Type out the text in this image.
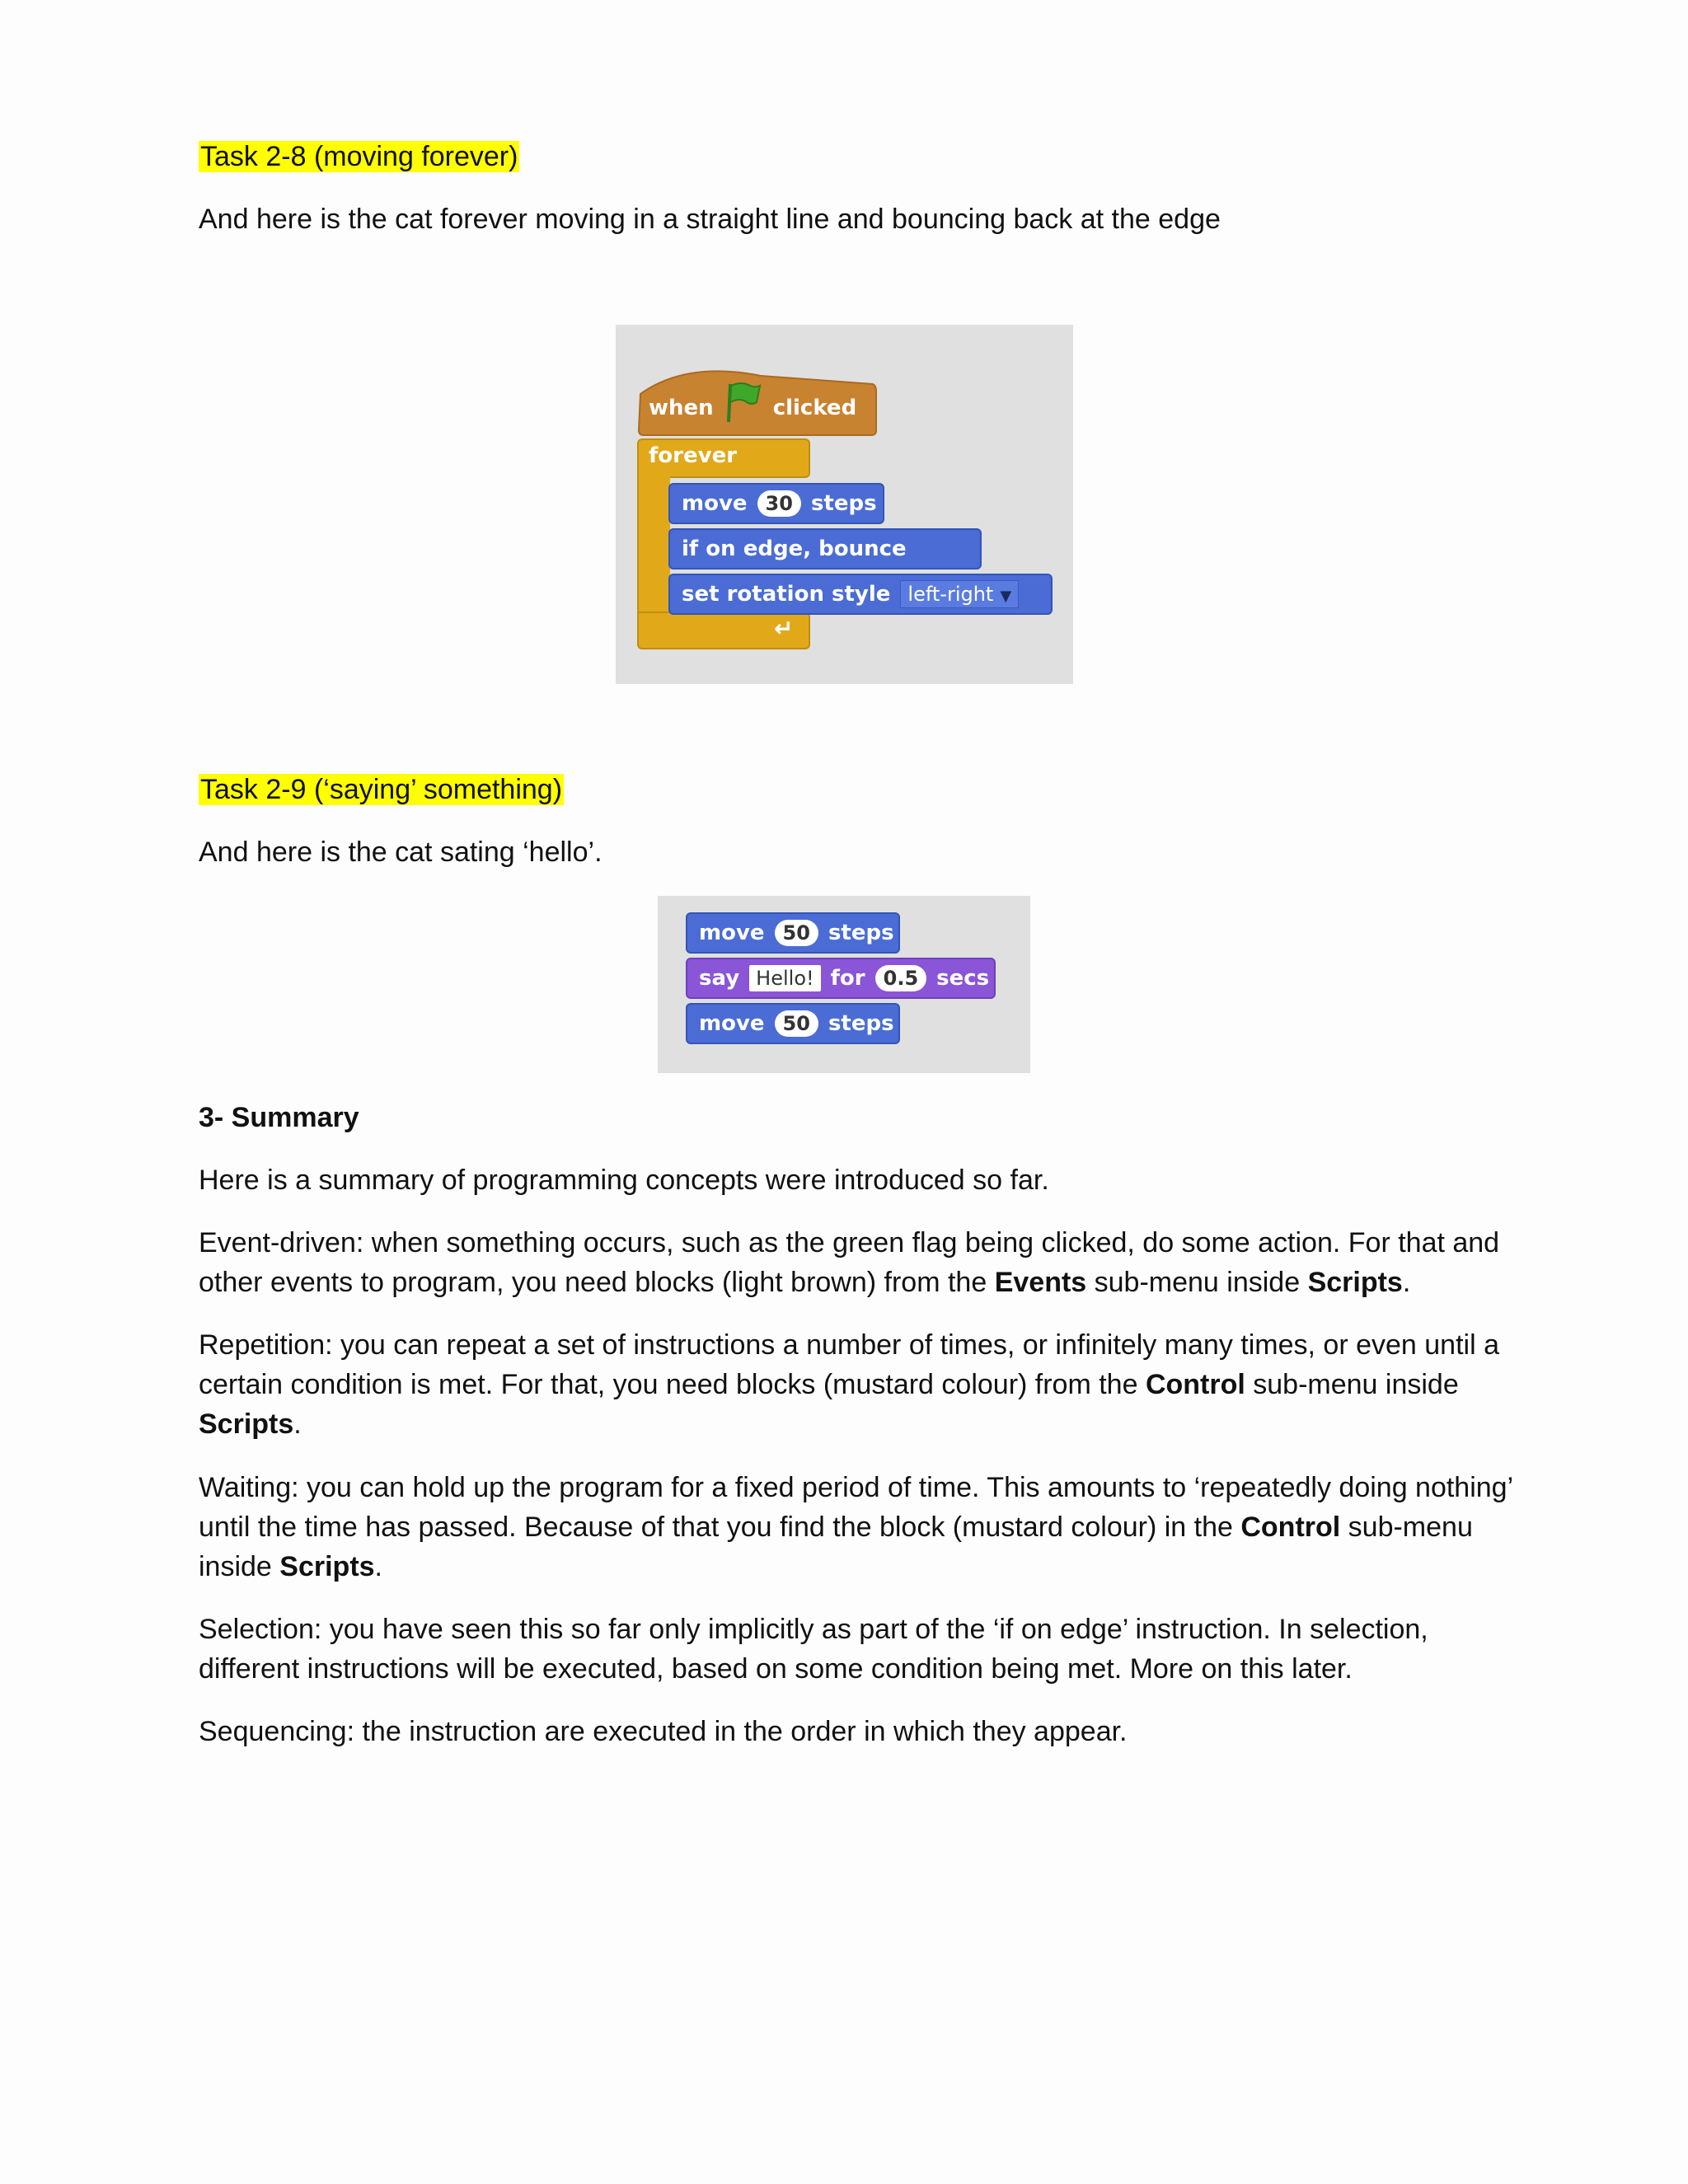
Task 2-8 (moving forever)

And here is the cat forever moving in a straight line and bouncing back at the edge

when	clicked
forever
↵
move 30 steps
if on edge, bounce
set rotation style left-right ▼

Task 2-9 (‘saying’ something)

And here is the cat sating ‘hello’.

move 50 steps
say Hello! for 0.5 secs
move 50 steps

3- Summary

Here is a summary of programming concepts were introduced so far.

Event-driven: when something occurs, such as the green flag being clicked, do some action. For that and other events to program, you need blocks (light brown) from the Events sub-menu inside Scripts.

Repetition: you can repeat a set of instructions a number of times, or infinitely many times, or even until a certain condition is met. For that, you need blocks (mustard colour) from the Control sub-menu inside Scripts.

Waiting: you can hold up the program for a fixed period of time. This amounts to ‘repeatedly doing nothing’ until the time has passed. Because of that you find the block (mustard colour) in the Control sub-menu inside Scripts.

Selection: you have seen this so far only implicitly as part of the ‘if on edge’ instruction. In selection, different instructions will be executed, based on some condition being met. More on this later.

Sequencing: the instruction are executed in the order in which they appear.
